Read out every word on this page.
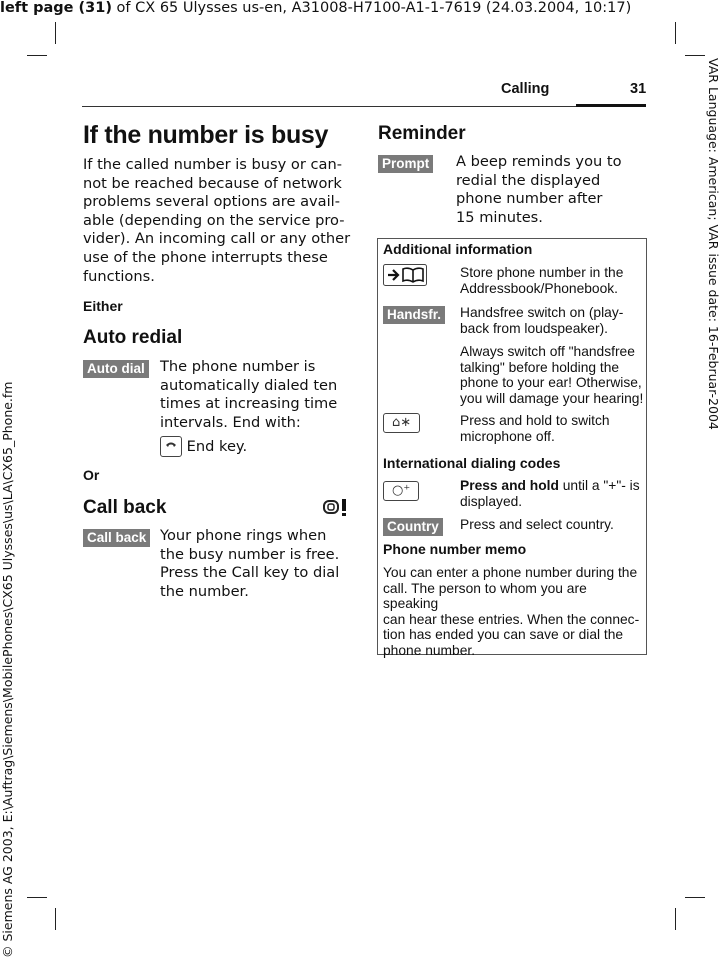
left page (31) of CX 65 Ulysses us-en, A31008-H7100-A1-1-7619 (24.03.2004, 10:17)
VAR Language: American; VAR issue date: 16-Februar-2004
© Siemens AG 2003, E:\Auftrag\Siemens\MobilePhones\CX65 Ulysses\us\LA\CX65_Phone.fm
Calling	31
If the number is busy
If the called number is busy or can-
not be reached because of network
problems several options are avail-
able (depending on the service pro-
vider). An incoming call or any other
use of the phone interrupts these
functions.
Either
Auto redial
Auto dial The phone number is
automatically dialed ten
times at increasing time
intervals. End with:
End key.
Or
Call back
Call back Your phone rings when
the busy number is free.
Press the Call key to dial
the number.
Reminder
Prompt A beep reminds you to
redial the displayed
phone number after
15 minutes.
Additional information
Store phone number in the
Addressbook/Phonebook.
Handsfr. Handsfree switch on (play-
back from loudspeaker).
Always switch off "handsfree
talking" before holding the
phone to your ear! Otherwise,
you will damage your hearing!
⌂∗	Press and hold to switch
microphone off.
International dialing codes
○⁺	Press and hold until a "+"- is
displayed.
Country Press and select country.
Phone number memo
You can enter a phone number during the
call. The person to whom you are speaking
can hear these entries. When the connec-
tion has ended you can save or dial the
phone number.
